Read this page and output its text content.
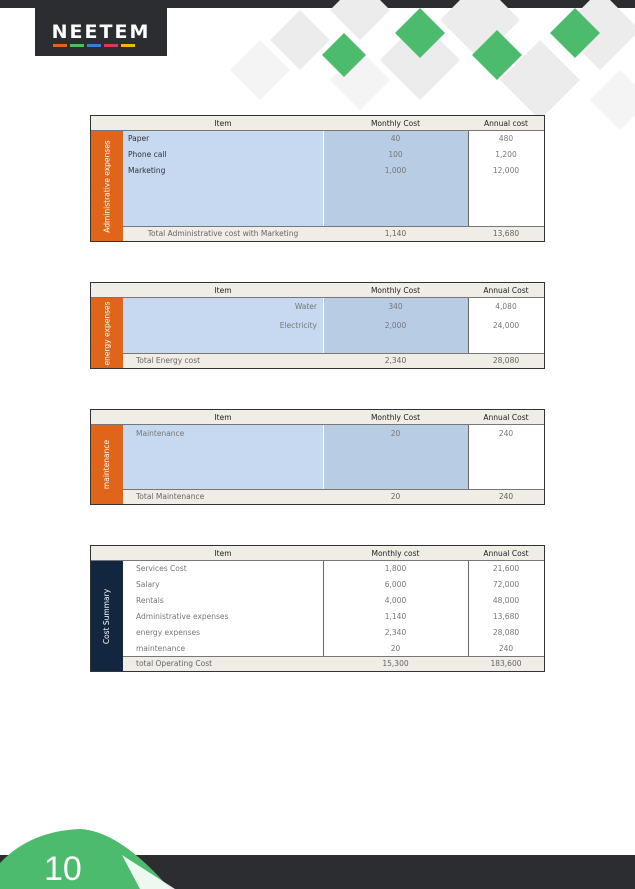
NEETEM
Item	Monthly Cost	Annual cost
Administrative expenses
Paper	40	480
Phone call	100	1,200
Marketing	1,000	12,000
Total Administrative cost with Marketing	1,140	13,680
Item	Monthly Cost	Annual Cost
energy expenses	Water	340	4,080
Electricity	2,000	24,000
Total Energy cost	2,340	28,080
Item	Monthly Cost	Annual Cost
maintenance
Maintenance	20	240
Total Maintenance	20	240
Item	Monthly cost	Annual Cost
Cost Summary
Services Cost	1,800	21,600
Salary	6,000	72,000
Rentals	4,000	48,000
Administrative expenses	1,140	13,680
energy expenses	2,340	28,080
maintenance	20	240
total Operating Cost	15,300	183,600
10
